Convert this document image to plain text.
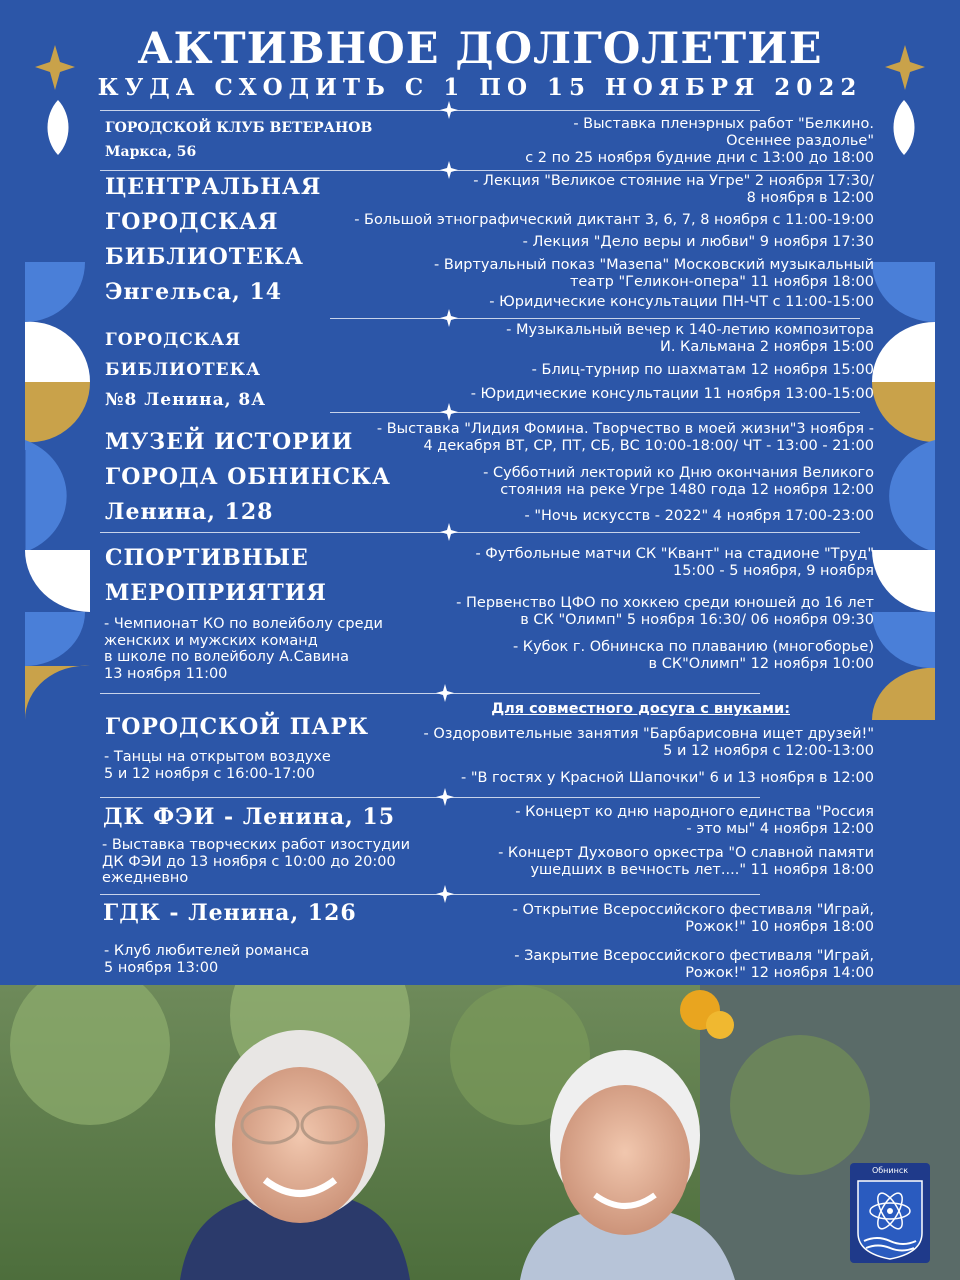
АКТИВНОЕ ДОЛГОЛЕТИЕ
КУДА СХОДИТЬ С 1 ПО 15 НОЯБРЯ 2022
ГОРОДСКОЙ КЛУБ ВЕТЕРАНОВ
Маркса, 56
- Выставка пленэрных работ "Белкино.
Осеннее раздолье"
с 2 по 25 ноября будние дни с 13:00 до 18:00
ЦЕНТРАЛЬНАЯ
ГОРОДСКАЯ
БИБЛИОТЕКА
Энгельса, 14
- Лекция "Великое стояние на Угре" 2 ноября 17:30/
8 ноября в 12:00
- Большой этнографический диктант 3, 6, 7, 8 ноября с 11:00-19:00
- Лекция "Дело веры и любви" 9 ноября 17:30
- Виртуальный показ "Мазепа" Московский музыкальный
театр "Геликон-опера" 11 ноября 18:00
- Юридические консультации ПН-ЧТ с 11:00-15:00
ГОРОДСКАЯ
БИБЛИОТЕКА
№8 Ленина, 8А
- Музыкальный вечер к 140-летию композитора
И. Кальмана 2 ноября 15:00
- Блиц-турнир по шахматам 12 ноября 15:00
- Юридические консультации 11 ноября 13:00-15:00
МУЗЕЙ ИСТОРИИ
ГОРОДА ОБНИНСКА
Ленина, 128
- Выставка "Лидия Фомина. Творчество в моей жизни"3 ноября -
4 декабря ВТ, СР, ПТ, СБ, ВС 10:00-18:00/ ЧТ - 13:00 - 21:00
- Субботний лекторий ко Дню окончания Великого
стояния на реке Угре 1480 года 12 ноября 12:00
- "Ночь искусств - 2022" 4 ноября 17:00-23:00
СПОРТИВНЫЕ
МЕРОПРИЯТИЯ
- Чемпионат КО по волейболу среди
женских и мужских команд
в школе по волейболу А.Савина
13 ноября 11:00
- Футбольные матчи СК "Квант" на стадионе "Труд"
15:00 - 5 ноября, 9 ноября
- Первенство ЦФО по хоккею среди юношей до 16 лет
в СК "Олимп" 5 ноября 16:30/ 06 ноября 09:30
- Кубок г. Обнинска по плаванию (многоборье)
в СК"Олимп" 12 ноября 10:00
ГОРОДСКОЙ ПАРК
- Танцы на открытом воздухе
5 и 12 ноября с 16:00-17:00
Для совместного досуга с внуками:
- Оздоровительные занятия "Барбарисовна ищет друзей!"
5 и 12 ноября с 12:00-13:00
- "В гостях у Красной Шапочки" 6 и 13 ноября в 12:00
ДК ФЭИ - Ленина, 15
- Выставка творческих работ изостудии
ДК ФЭИ до 13 ноября с 10:00 до 20:00
ежедневно
- Концерт ко дню народного единства "Россия
- это мы" 4 ноября 12:00
- Концерт Духового оркестра "О славной памяти
ушедших в вечность лет...." 11 ноября 18:00
ГДК - Ленина, 126
- Клуб любителей романса
5 ноября 13:00
- Открытие Всероссийского фестиваля "Играй,
Рожок!" 10 ноября 18:00
- Закрытие Всероссийского фестиваля "Играй,
Рожок!" 12 ноября 14:00
Обнинск
